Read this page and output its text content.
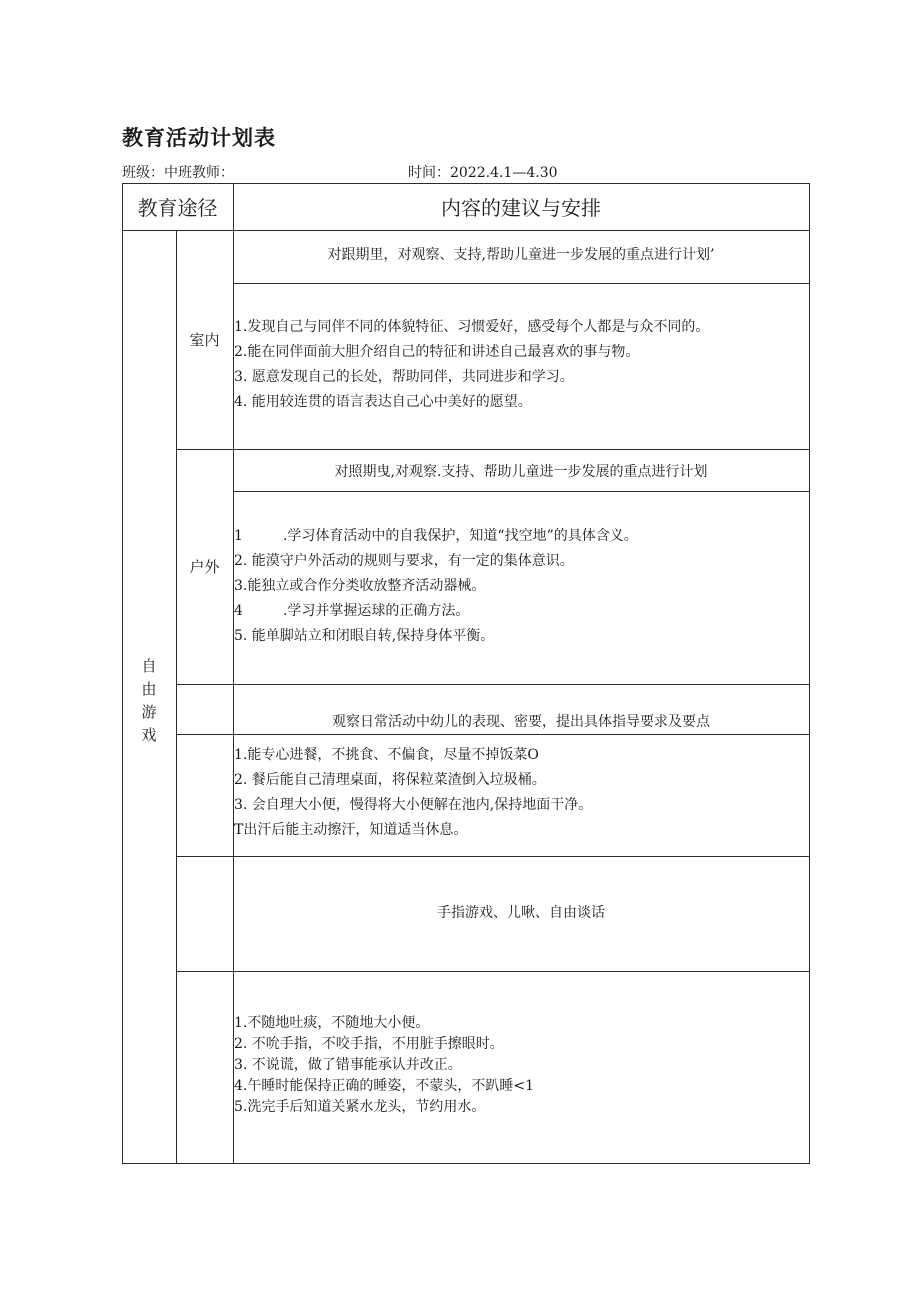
教育活动计划表
班级：中班教师：	时间：2022.4.1—4.30
教育途径	内容的建议与安排
自
由
游
戏
室内
对跟期里，对观察、支持,帮助儿童进一步发展的重点进行计划’
1.发现自己与同伴不同的体貌特征、习惯爱好，感受每个人都是与众不同的。
2.能在同伴面前大胆介绍自己的特征和讲述自己最喜欢的事与物。
3. 愿意发现自己的长处，帮助同伴，共同进步和学习。
4. 能用较连贯的语言表达自己心中美好的愿望。
户外
对照期曳,对观察.支持、帮助儿童进一步发展的重点进行计划
1         .学习体育活动中的自我保护，知道“找空地”的具体含义。
2. 能漠守户外活动的规则与要求，有一定的集体意识。
3.能独立或合作分类收放整齐活动器械。
4         .学习并掌握运球的正确方法。
5. 能单脚站立和闭眼自转,保持身体平衡。
观察日常活动中幼儿的表现、密要，提出具体指导要求及要点
1.能专心进餐，不挑食、不偏食，尽量不掉饭菜O
2. 餐后能自己清理桌面，将保粒菜渣倒入垃圾桶。
3. 会自理大小便，慢得将大小便解在池内,保持地面干净。
T出汗后能主动擦汗，知道适当休息。
手指游戏、儿啾、自由谈话
1.不随地吐痰，不随地大小便。
2. 不吮手指，不咬手指，不用脏手擦眼时。
3. 不说谎，做了错事能承认并改正。
4.午睡时能保持正确的睡姿，不蒙头，不趴睡<1
5.洗完手后知道关紧水龙头，节约用水。
